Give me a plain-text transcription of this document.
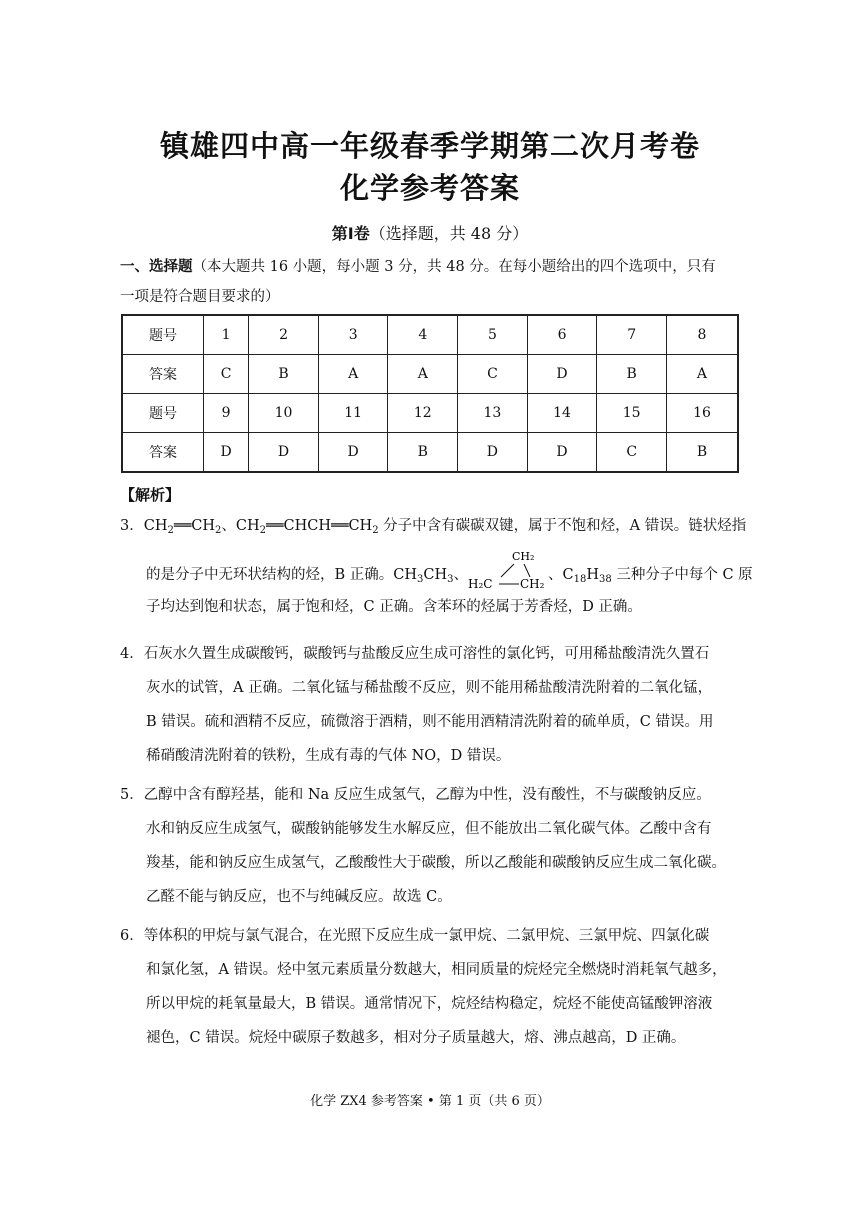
镇雄四中高一年级春季学期第二次月考卷
化学参考答案
第Ⅰ卷（选择题，共 48 分）
一、选择题（本大题共 16 小题，每小题 3 分，共 48 分。在每小题给出的四个选项中，只有
一项是符合题目要求的）
题号	1	2	3	4	5	6	7	8
答案	C	B	A	A	C	D	B	A
题号	9	10	11	12	13	14	15	16
答案	D	D	D	B	D	D	C	B
【解析】
3．$CH_2══CH_2$、$CH_2══CHCH══CH_2$ 分子中含有碳碳双键，属于不饱和烃，A 错误。链状烃指
的是分子中无环状结构的烃，B 正确。$CH_3CH_3$、
CH₂
H₂C CH₂
、$C_{18}H_{38}$ 三种分子中每个 C 原
子均达到饱和状态，属于饱和烃，C 正确。含苯环的烃属于芳香烃，D 正确。
4．石灰水久置生成碳酸钙，碳酸钙与盐酸反应生成可溶性的氯化钙，可用稀盐酸清洗久置石
灰水的试管，A 正确。二氧化锰与稀盐酸不反应，则不能用稀盐酸清洗附着的二氧化锰，
B 错误。硫和酒精不反应，硫微溶于酒精，则不能用酒精清洗附着的硫单质，C 错误。用
稀硝酸清洗附着的铁粉，生成有毒的气体 NO，D 错误。
5．乙醇中含有醇羟基，能和 Na 反应生成氢气，乙醇为中性，没有酸性，不与碳酸钠反应。
水和钠反应生成氢气，碳酸钠能够发生水解反应，但不能放出二氧化碳气体。乙酸中含有
羧基，能和钠反应生成氢气，乙酸酸性大于碳酸，所以乙酸能和碳酸钠反应生成二氧化碳。
乙醛不能与钠反应，也不与纯碱反应。故选 C。
6．等体积的甲烷与氯气混合，在光照下反应生成一氯甲烷、二氯甲烷、三氯甲烷、四氯化碳
和氯化氢，A 错误。烃中氢元素质量分数越大，相同质量的烷烃完全燃烧时消耗氧气越多，
所以甲烷的耗氧量最大，B 错误。通常情况下，烷烃结构稳定，烷烃不能使高锰酸钾溶液
褪色，C 错误。烷烃中碳原子数越多，相对分子质量越大，熔、沸点越高，D 正确。
化学 ZX4 参考答案 • 第 1 页（共 6 页）
